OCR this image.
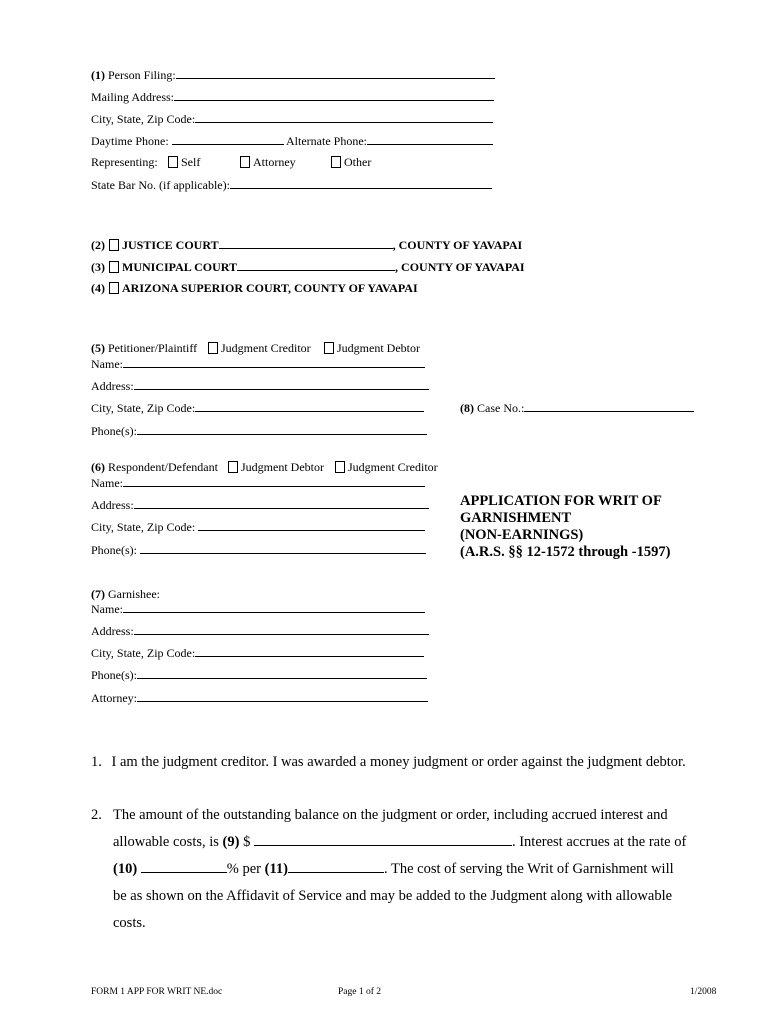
(1) Person Filing:
Mailing Address:
City, State, Zip Code:
Daytime Phone:	Alternate Phone:
Representing:	Self	Attorney	Other
State Bar No. (if applicable):
(2) JUSTICE COURT	, COUNTY OF YAVAPAI
(3) MUNICIPAL COURT	, COUNTY OF YAVAPAI
(4) ARIZONA SUPERIOR COURT, COUNTY OF YAVAPAI
(5) Petitioner/Plaintiff	Judgment Creditor	Judgment Debtor
Name:
Address:
City, State, Zip Code:
Phone(s):
(8) Case No.:
(6) Respondent/Defendant	Judgment Debtor	Judgment Creditor
Name:
Address:
City, State, Zip Code:
Phone(s):
APPLICATION FOR WRIT OF
GARNISHMENT
(NON-EARNINGS)
(A.R.S. §§ 12-1572 through -1597)
(7) Garnishee:
Name:
Address:
City, State, Zip Code:
Phone(s):
Attorney:
1. I am the judgment creditor. I was awarded a money judgment or order against the judgment debtor.
2. The amount of the outstanding balance on the judgment or order, including accrued interest and
allowable costs, is (9) $	. Interest accrues at the rate of
(10)	% per (11)	. The cost of serving the Writ of Garnishment will
be as shown on the Affidavit of Service and may be added to the Judgment along with allowable
costs.
FORM 1 APP FOR WRIT NE.doc	Page 1 of 2	1/2008
